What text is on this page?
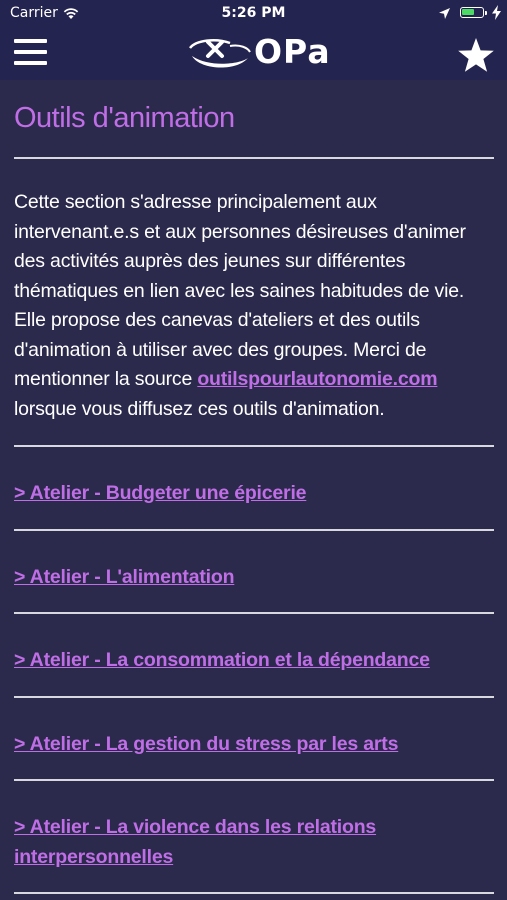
Carrier	5:26 PM
OPa
Outils d'animation

Cette section s'adresse principalement aux intervenant.e.s et aux personnes désireuses d'animer des activités auprès des jeunes sur différentes thématiques en lien avec les saines habitudes de vie. Elle propose des canevas d'ateliers et des outils d'animation à utiliser avec des groupes. Merci de mentionner la source outilspourlautonomie.com lorsque vous diffusez ces outils d'animation.

> Atelier - Budgeter une épicerie
> Atelier - L'alimentation
> Atelier - La consommation et la dépendance
> Atelier - La gestion du stress par les arts
> Atelier - La violence dans les relations interpersonnelles
